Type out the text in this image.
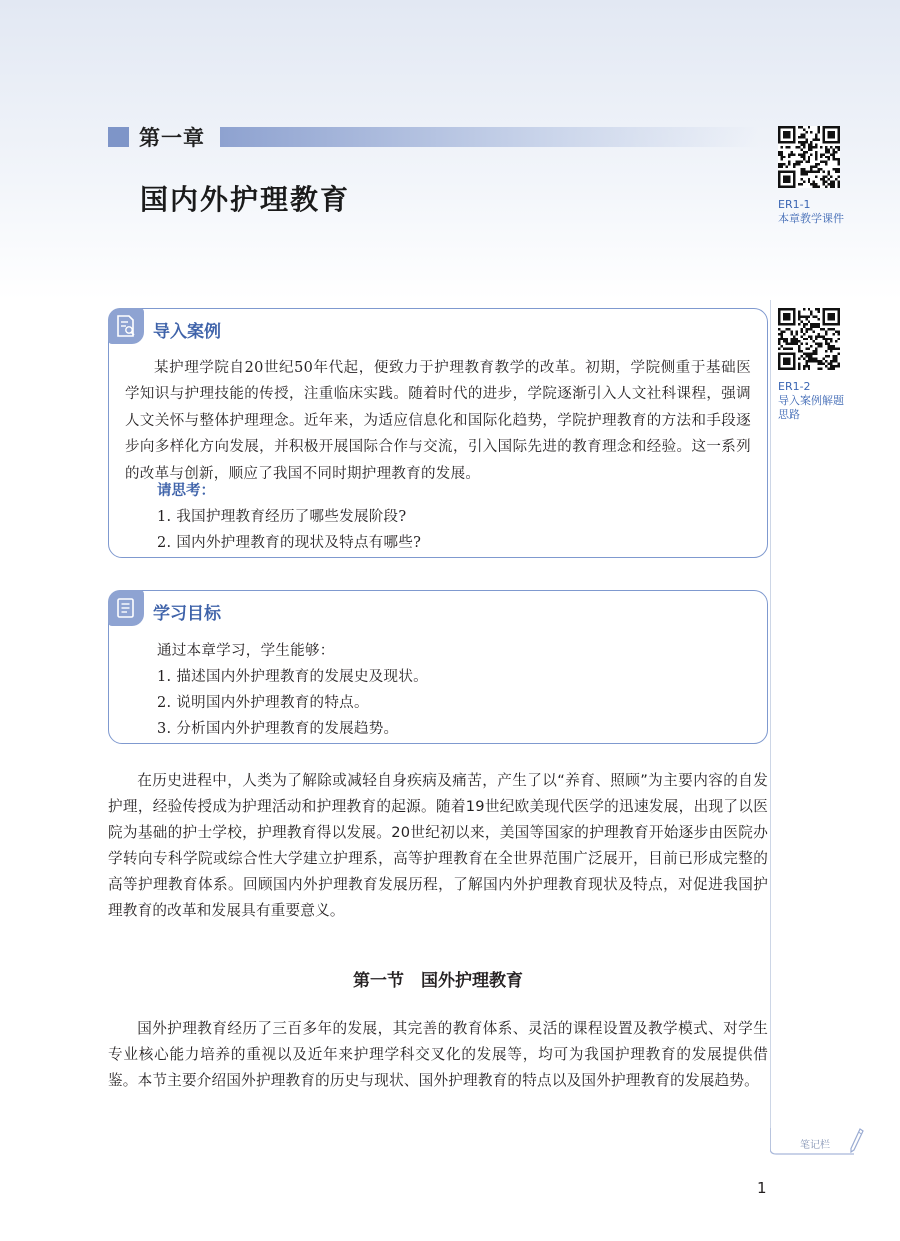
第一章
国内外护理教育	ER1-1
本章教学课件
ER1-2
导入案例解题
思路
导入案例
某护理学院自20世纪50年代起，便致力于护理教育教学的改革。初期，学院侧重于基础医学知识与护理技能的传授，注重临床实践。随着时代的进步，学院逐渐引入人文社科课程，强调人文关怀与整体护理理念。近年来，为适应信息化和国际化趋势，学院护理教育的方法和手段逐步向多样化方向发展，并积极开展国际合作与交流，引入国际先进的教育理念和经验。这一系列的改革与创新，顺应了我国不同时期护理教育的发展。
请思考：
1. 我国护理教育经历了哪些发展阶段?
2. 国内外护理教育的现状及特点有哪些?
学习目标
通过本章学习，学生能够：
1. 描述国内外护理教育的发展史及现状。
2. 说明国内外护理教育的特点。
3. 分析国内外护理教育的发展趋势。
在历史进程中，人类为了解除或减轻自身疾病及痛苦，产生了以“养育、照顾”为主要内容的自发护理，经验传授成为护理活动和护理教育的起源。随着19世纪欧美现代医学的迅速发展，出现了以医院为基础的护士学校，护理教育得以发展。20世纪初以来，美国等国家的护理教育开始逐步由医院办学转向专科学院或综合性大学建立护理系，高等护理教育在全世界范围广泛展开，目前已形成完整的高等护理教育体系。回顾国内外护理教育发展历程，了解国内外护理教育现状及特点，对促进我国护理教育的改革和发展具有重要意义。
第一节　国外护理教育
国外护理教育经历了三百多年的发展，其完善的教育体系、灵活的课程设置及教学模式、对学生专业核心能力培养的重视以及近年来护理学科交叉化的发展等，均可为我国护理教育的发展提供借鉴。本节主要介绍国外护理教育的历史与现状、国外护理教育的特点以及国外护理教育的发展趋势。
笔记栏
1
